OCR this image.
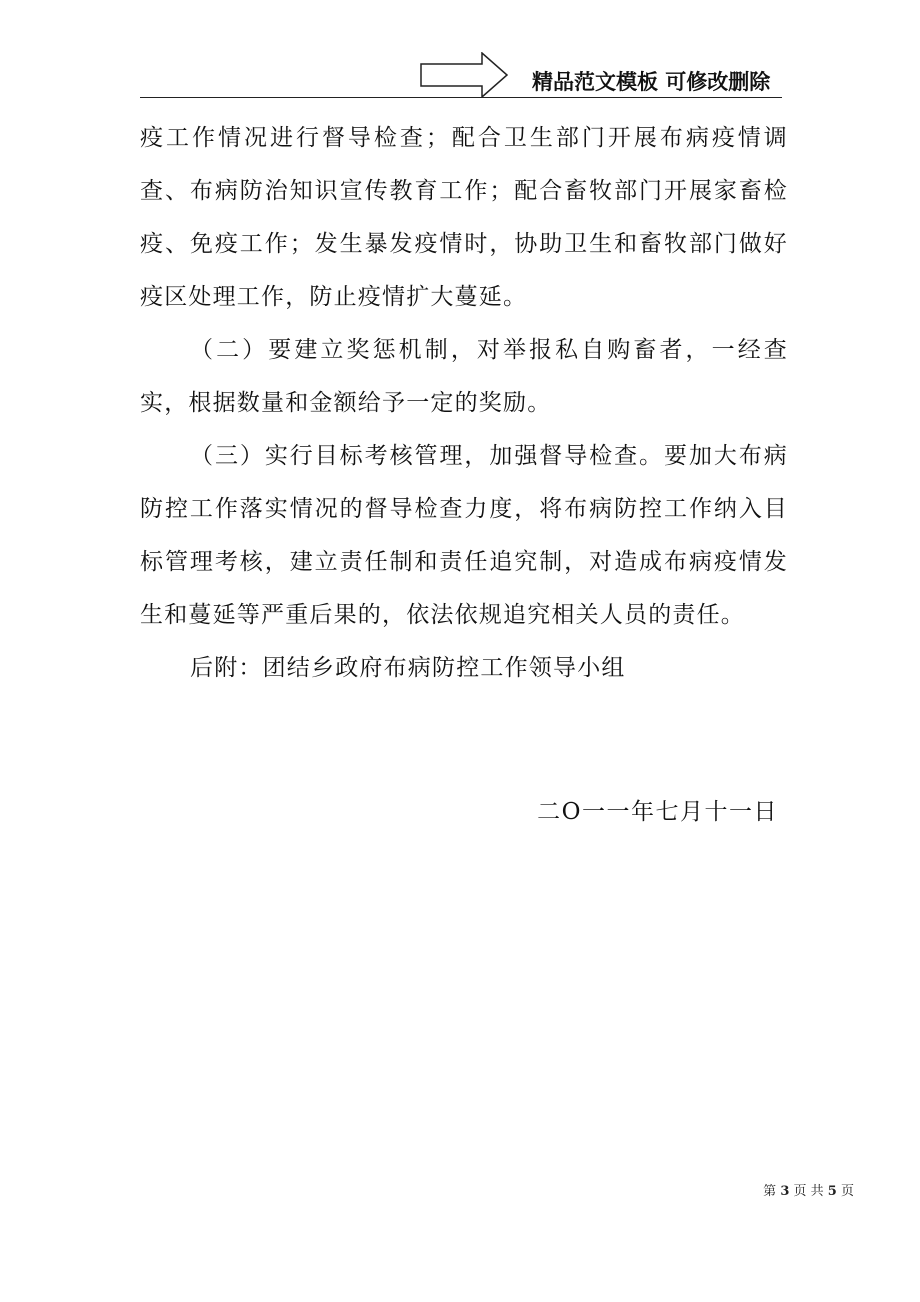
精品范文模板 可修改删除

疫工作情况进行督导检查；配合卫生部门开展布病疫情调查、布病防治知识宣传教育工作；配合畜牧部门开展家畜检疫、免疫工作；发生暴发疫情时，协助卫生和畜牧部门做好疫区处理工作，防止疫情扩大蔓延。

（二）要建立奖惩机制，对举报私自购畜者，一经查实，根据数量和金额给予一定的奖励。

（三）实行目标考核管理，加强督导检查。要加大布病防控工作落实情况的督导检查力度，将布病防控工作纳入目标管理考核，建立责任制和责任追究制，对造成布病疫情发生和蔓延等严重后果的，依法依规追究相关人员的责任。

后附：团结乡政府布病防控工作领导小组
二O一一年七月十一日
第 3 页 共 5 页
